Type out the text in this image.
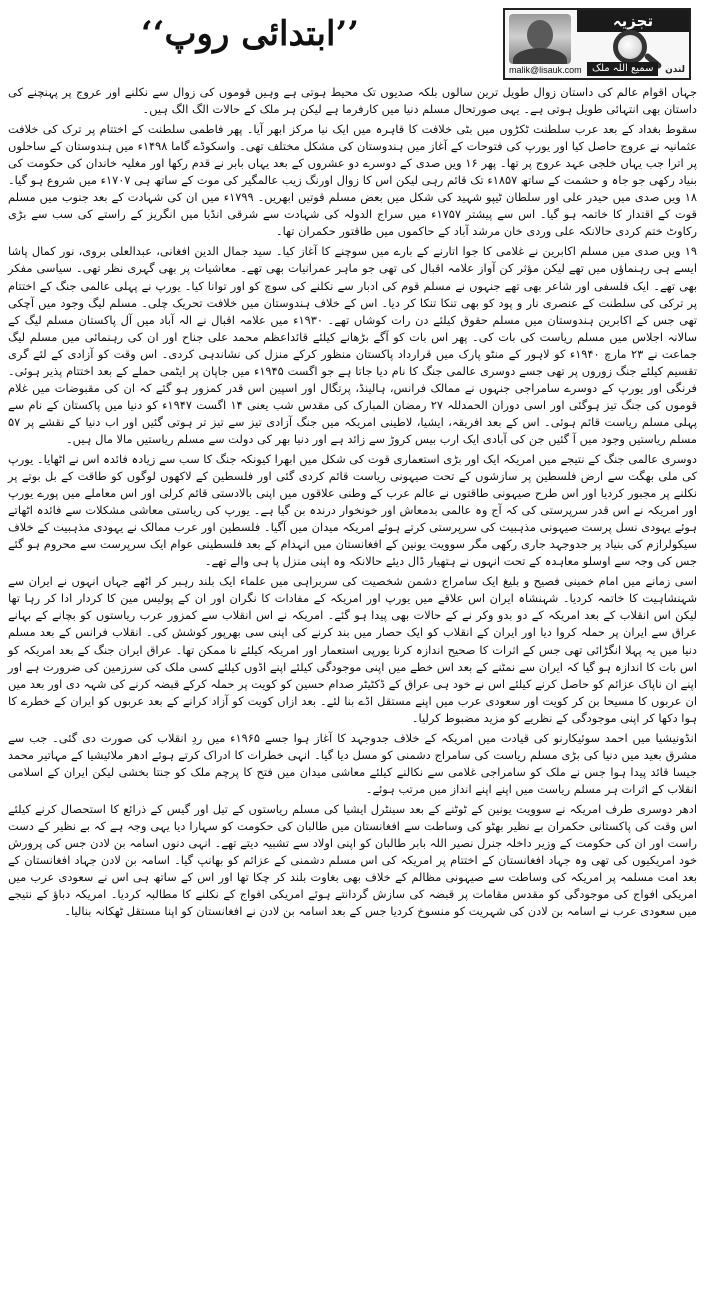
’’ابتدائی روپ‘‘	تجزیہ
malik@lisauk.com	سمیع اللہ ملک	لندن

جہاں اقوام عالم کی داستان زوال طویل ترین سالوں بلکہ صدیوں تک محیط ہوتی ہے وہیں قوموں کی زوال سے نکلنے اور عروج پر پہنچنے کی داستان بھی انتہائی طویل ہوتی ہے۔ یہی صورتحال مسلم دنیا میں کارفرما ہے لیکن ہر ملک کے حالات الگ الگ ہیں۔

سقوط بغداد کے بعد عرب سلطنت ٹکڑوں میں بٹی خلافت کا قاہرہ میں ایک نیا مرکز ابھر آیا۔ پھر فاطمی سلطنت کے اختتام پر ترک کی خلافت عثمانیہ نے عروج حاصل کیا اور یورپ کی فتوحات کے آغاز میں ہندوستان کی مشکل مختلف تھی۔ واسکوڈے گاما ۱۴۹۸ء میں ہندوستان کے ساحلوں پر اترا جب یہاں خلجی عہد عروج پر تھا۔ پھر ۱۶ ویں صدی کے دوسرے دو عشروں کے بعد یہاں بابر نے قدم رکھا اور مغلیہ خاندان کی حکومت کی بنیاد رکھی جو جاہ و حشمت کے ساتھ ۱۸۵۷ء تک قائم رہی لیکن اس کا زوال اورنگ زیب عالمگیر کی موت کے ساتھ ہی ۱۷۰۷ء میں شروع ہو گیا۔ ۱۸ ویں صدی میں حیدر علی اور سلطان ٹیپو شہید کی شکل میں بعض مسلم قوتیں ابھریں۔ ۱۷۹۹ء میں ان کی شہادت کے بعد جنوب میں مسلم قوت کے اقتدار کا خاتمہ ہو گیا۔ اس سے پیشتر ۱۷۵۷ء میں سراج الدولہ کی شہادت سے شرقی انڈیا میں انگریز کے راستے کی سب سے بڑی رکاوٹ ختم کردی حالانکہ علی وردی خان مرشد آباد کے حاکموں میں طاقتور حکمران تھا۔

۱۹ ویں صدی میں مسلم اکابرین نے غلامی کا جوا اتارنے کے بارے میں سوچنے کا آغاز کیا۔ سید جمال الدین افغانی، عبدالعلی بروی، نور کمال پاشا ایسے ہی رہنماؤں میں تھے لیکن مؤثر کن آواز علامہ اقبال کی تھی جو ماہر عمرانیات بھی تھے۔ معاشیات پر بھی گہری نظر تھی۔ سیاسی مفکر بھی تھے۔ ایک فلسفی اور شاعر بھی تھے جنہوں نے مسلم قوم کی ادبار سے نکلنے کی سوچ کو اور توانا کیا۔ یورپ نے پہلی عالمی جنگ کے اختتام پر ترکی کی سلطنت کے عنصری نار و پود کو بھی تنکا تنکا کر دیا۔ اس کے خلاف ہندوستان میں خلافت تحریک چلی۔ مسلم لیگ وجود میں آچکی تھی جس کے اکابرین ہندوستان میں مسلم حقوق کیلئے دن رات کوشاں تھے۔ ۱۹۳۰ء میں علامہ اقبال نے الہ آباد میں آل پاکستان مسلم لیگ کے سالانہ اجلاس میں مسلم ریاست کی بات کی۔ پھر اس بات کو آگے بڑھانے کیلئے قائداعظم محمد علی جناح اور ان کی رہنمائی میں مسلم لیگ جماعت نے ۲۳ مارچ ۱۹۴۰ء کو لاہور کے منٹو پارک میں قرارداد پاکستان منظور کرکے منزل کی نشاندہی کردی۔ اس وقت کو آزادی کے لئے گری تقسیم کیلئے جنگ زوروں پر تھی جسے دوسری عالمی جنگ کا نام دیا جاتا ہے جو اگست ۱۹۴۵ء میں جاپان پر ایٹمی حملے کے بعد اختتام پذیر ہوئی۔ فرنگی اور یورپ کے دوسرے سامراجی جنہوں نے ممالک فرانس، ہالینڈ، پرتگال اور اسپین اس قدر کمزور ہو گئے کہ ان کی مقبوضات میں غلام قوموں کی جنگ تیز ہوگئی اور اسی دوران الحمدللہ ۲۷ رمضان المبارک کی مقدس شب یعنی ۱۴ اگست ۱۹۴۷ء کو دنیا میں پاکستان کے نام سے پہلی مسلم ریاست قائم ہوئی۔ اس کے بعد افریقہ، ایشیا، لاطینی امریکہ میں جنگ آزادی تیز سے تیز تر ہوتی گئیں اور اب دنیا کے نقشے پر ۵۷ مسلم ریاستیں وجود میں آ گئیں جن کی آبادی ایک ارب بیس کروڑ سے زائد ہے اور دنیا بھر کی دولت سے مسلم ریاستیں مالا مال ہیں۔

دوسری عالمی جنگ کے نتیجے میں امریکہ ایک اور بڑی استعماری قوت کی شکل میں ابھرا کیونکہ جنگ کا سب سے زیادہ فائدہ اس نے اٹھایا۔ یورپ کی ملی بھگت سے ارض فلسطین پر سازشوں کے تحت صیہونی ریاست قائم کردی گئی اور فلسطین کے لاکھوں لوگوں کو طاقت کے بل بوتے پر نکلنے پر مجبور کردیا اور اس طرح صیہونی طاقتوں نے عالم عرب کے وطنی علاقوں میں اپنی بالادستی قائم کرلی اور اس معاملے میں پورے یورپ اور امریکہ نے اس قدر سرپرستی کی کہ آج وہ عالمی بدمعاش اور خونخوار درندہ بن گیا ہے۔ یورپ کی ریاستی معاشی مشکلات سے فائدہ اٹھاتے ہوئے یہودی نسل پرست صیہونی مذہبیت کی سرپرستی کرتے ہوئے امریکہ میدان میں آگیا۔ فلسطین اور عرب ممالک نے یہودی مذہبیت کے خلاف سیکولرازم کی بنیاد پر جدوجہد جاری رکھی مگر سوویت یونین کے افغانستان میں انہدام کے بعد فلسطینی عوام ایک سرپرست سے محروم ہو گئے جس کی وجہ سے اوسلو معاہدہ کے تحت انہوں نے ہتھیار ڈال دیئے حالانکہ وہ اپنی منزل پا ہی والے تھے۔

اسی زمانے میں امام خمینی فصیح و بلیغ ایک سامراج دشمن شخصیت کی سربراہی میں علماء ایک بلند رہبر کر اٹھے جہاں انہوں نے ایران سے شہنشاہیت کا خاتمہ کردیا۔ شہنشاہ ایران اس علاقے میں یورپ اور امریکہ کے مفادات کا نگران اور ان کے پولیس مین کا کردار ادا کر رہا تھا لیکن اس انقلاب کے بعد امریکہ کے دو بدو وکر نے کے حالات بھی پیدا ہو گئے۔ امریکہ نے اس انقلاب سے کمزور عرب ریاستوں کو بچانے کے بہانے عراق سے ایران پر حملہ کروا دیا اور ایران کے انقلاب کو ایک حصار میں بند کرنے کی اپنی سی بھرپور کوشش کی۔ انقلاب فرانس کے بعد مسلم دنیا میں یہ پہلا انگڑائی تھی جس کے اثرات کا صحیح اندازہ کرنا یورپی استعمار اور امریکہ کیلئے نا ممکن تھا۔ عراق ایران جنگ کے بعد امریکہ کو اس بات کا اندازہ ہو گیا کہ ایران سے نمٹنے کے بعد اس خطے میں اپنی موجودگی کیلئے اپنے اڈوں کیلئے کسی ملک کی سرزمین کی ضرورت ہے اور اپنے ان ناپاک عزائم کو حاصل کرنے کیلئے اس نے خود ہی عراق کے ڈکٹیٹر صدام حسین کو کویت پر حملہ کرکے قبضہ کرنے کی شہہ دی اور بعد میں ان عربوں کا مسیحا بن کر کویت اور سعودی عرب میں اپنے مستقل اڈے بنا لئے۔ بعد ازاں کویت کو آزاد کرانے کے بعد عربوں کو ایران کے خطرے کا ہوا دکھا کر اپنی موجودگی کے نظریے کو مزید مضبوط کرلیا۔

انڈونیشیا میں احمد سوئیکارنو کی قیادت میں امریکہ کے خلاف جدوجہد کا آغاز ہوا جسے ۱۹۶۵ء میں ردِ انقلاب کی صورت دی گئی۔ جب سے مشرق بعید میں دنیا کی بڑی مسلم ریاست کی سامراج دشمنی کو مسل دیا گیا۔ انہی خطرات کا ادراک کرتے ہوئے ادھر ملائیشیا کے مہاتیر محمد جیسا قائد پیدا ہوا جس نے ملک کو سامراجی غلامی سے نکالنے کیلئے معاشی میدان میں فتح کا پرچم ملک کو جنتا بخشی لیکن ایران کے اسلامی انقلاب کے اثرات ہر مسلم ریاست میں اپنے اپنے انداز میں مرتب ہوئے۔

ادھر دوسری طرف امریکہ نے سوویت یونین کے ٹوٹنے کے بعد سینٹرل ایشیا کی مسلم ریاستوں کے تیل اور گیس کے ذرائع کا استحصال کرنے کیلئے اس وقت کی پاکستانی حکمران بے نظیر بھٹو کی وساطت سے افغانستان میں طالبان کی حکومت کو سہارا دیا یہی وجہ ہے کہ بے نظیر کے دست راست اور ان کی حکومت کے وزیر داخلہ جنرل نصیر اللہ بابر طالبان کو اپنی اولاد سے تشبیہ دیتے تھے۔ انہی دنوں اسامہ بن لادن جس کی پرورش خود امریکیوں کی تھی وہ جہاد افغانستان کے اختتام پر امریکہ کی اس مسلم دشمنی کے عزائم کو بھانپ گیا۔ اسامہ بن لادن جہاد افغانستان کے بعد امت مسلمہ پر امریکہ کی وساطت سے صیہونی مظالم کے خلاف بھی بغاوت بلند کر چکا تھا اور اس کے ساتھ ہی اس نے سعودی عرب میں امریکی افواج کی موجودگی کو مقدس مقامات پر قبضہ کی سازش گردانتے ہوئے امریکی افواج کے نکلنے کا مطالبہ کردیا۔ امریکہ دباؤ کے نتیجے میں سعودی عرب نے اسامہ بن لادن کی شہریت کو منسوخ کردیا جس کے بعد اسامہ بن لادن نے افغانستان کو اپنا مستقل ٹھکانہ بنالیا۔
